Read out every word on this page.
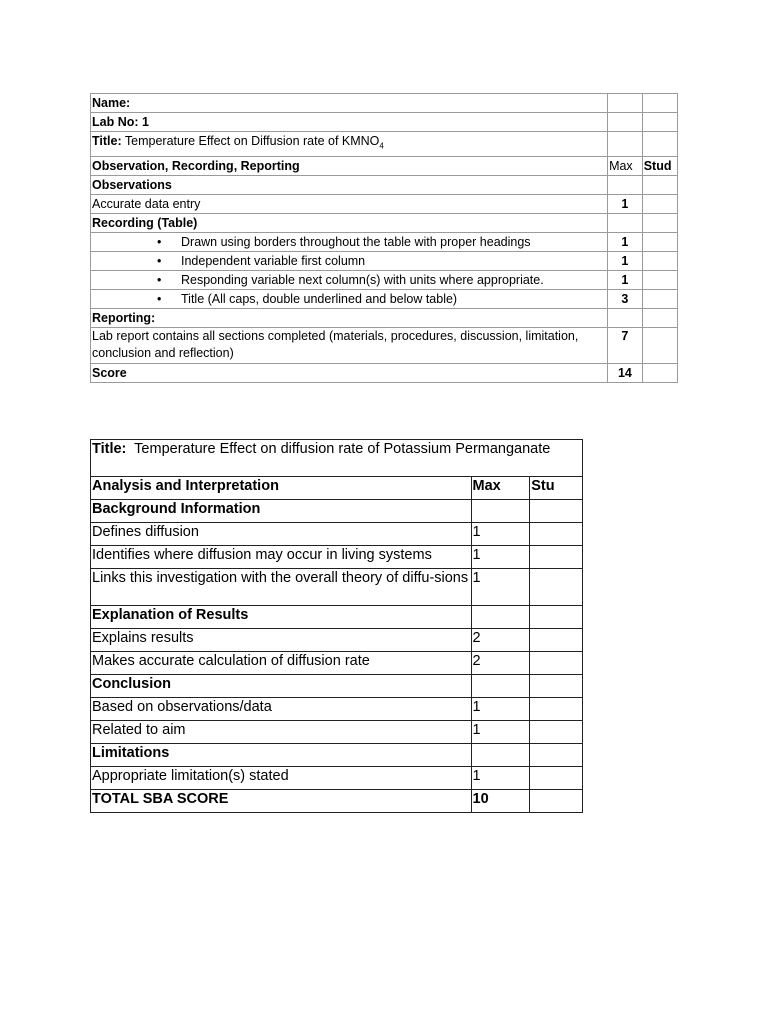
Name:		
Lab No: 1		
Title: Temperature Effect on Diffusion rate of $KMNO_4$		
Observation, Recording, Reporting	Max	Stud
Observations		
Accurate data entry	1	
Recording (Table)		
• Drawn using borders throughout the table with proper headings	1	
• Independent variable first column	1	
• Responding variable next column(s) with units where appropriate.	1	
• Title (All caps, double underlined and below table)	3	
Reporting:		
Lab report contains all sections completed (materials, procedures, discussion, limitation, conclusion and reflection)	7	
Score	14	
Title:  Temperature Effect on diffusion rate of Potassium Permanganate		
Analysis and Interpretation	Max	Stu
Background Information		
Defines diffusion	1	
Identifies where diffusion may occur in living systems	1	
Links this investigation with the overall theory of diffu-sions	1	
Explanation of Results		
Explains results	2	
Makes accurate calculation of diffusion rate	2	
Conclusion		
Based on observations/data	1	
Related to aim	1	
Limitations		
Appropriate limitation(s) stated	1	
TOTAL SBA SCORE	10	
